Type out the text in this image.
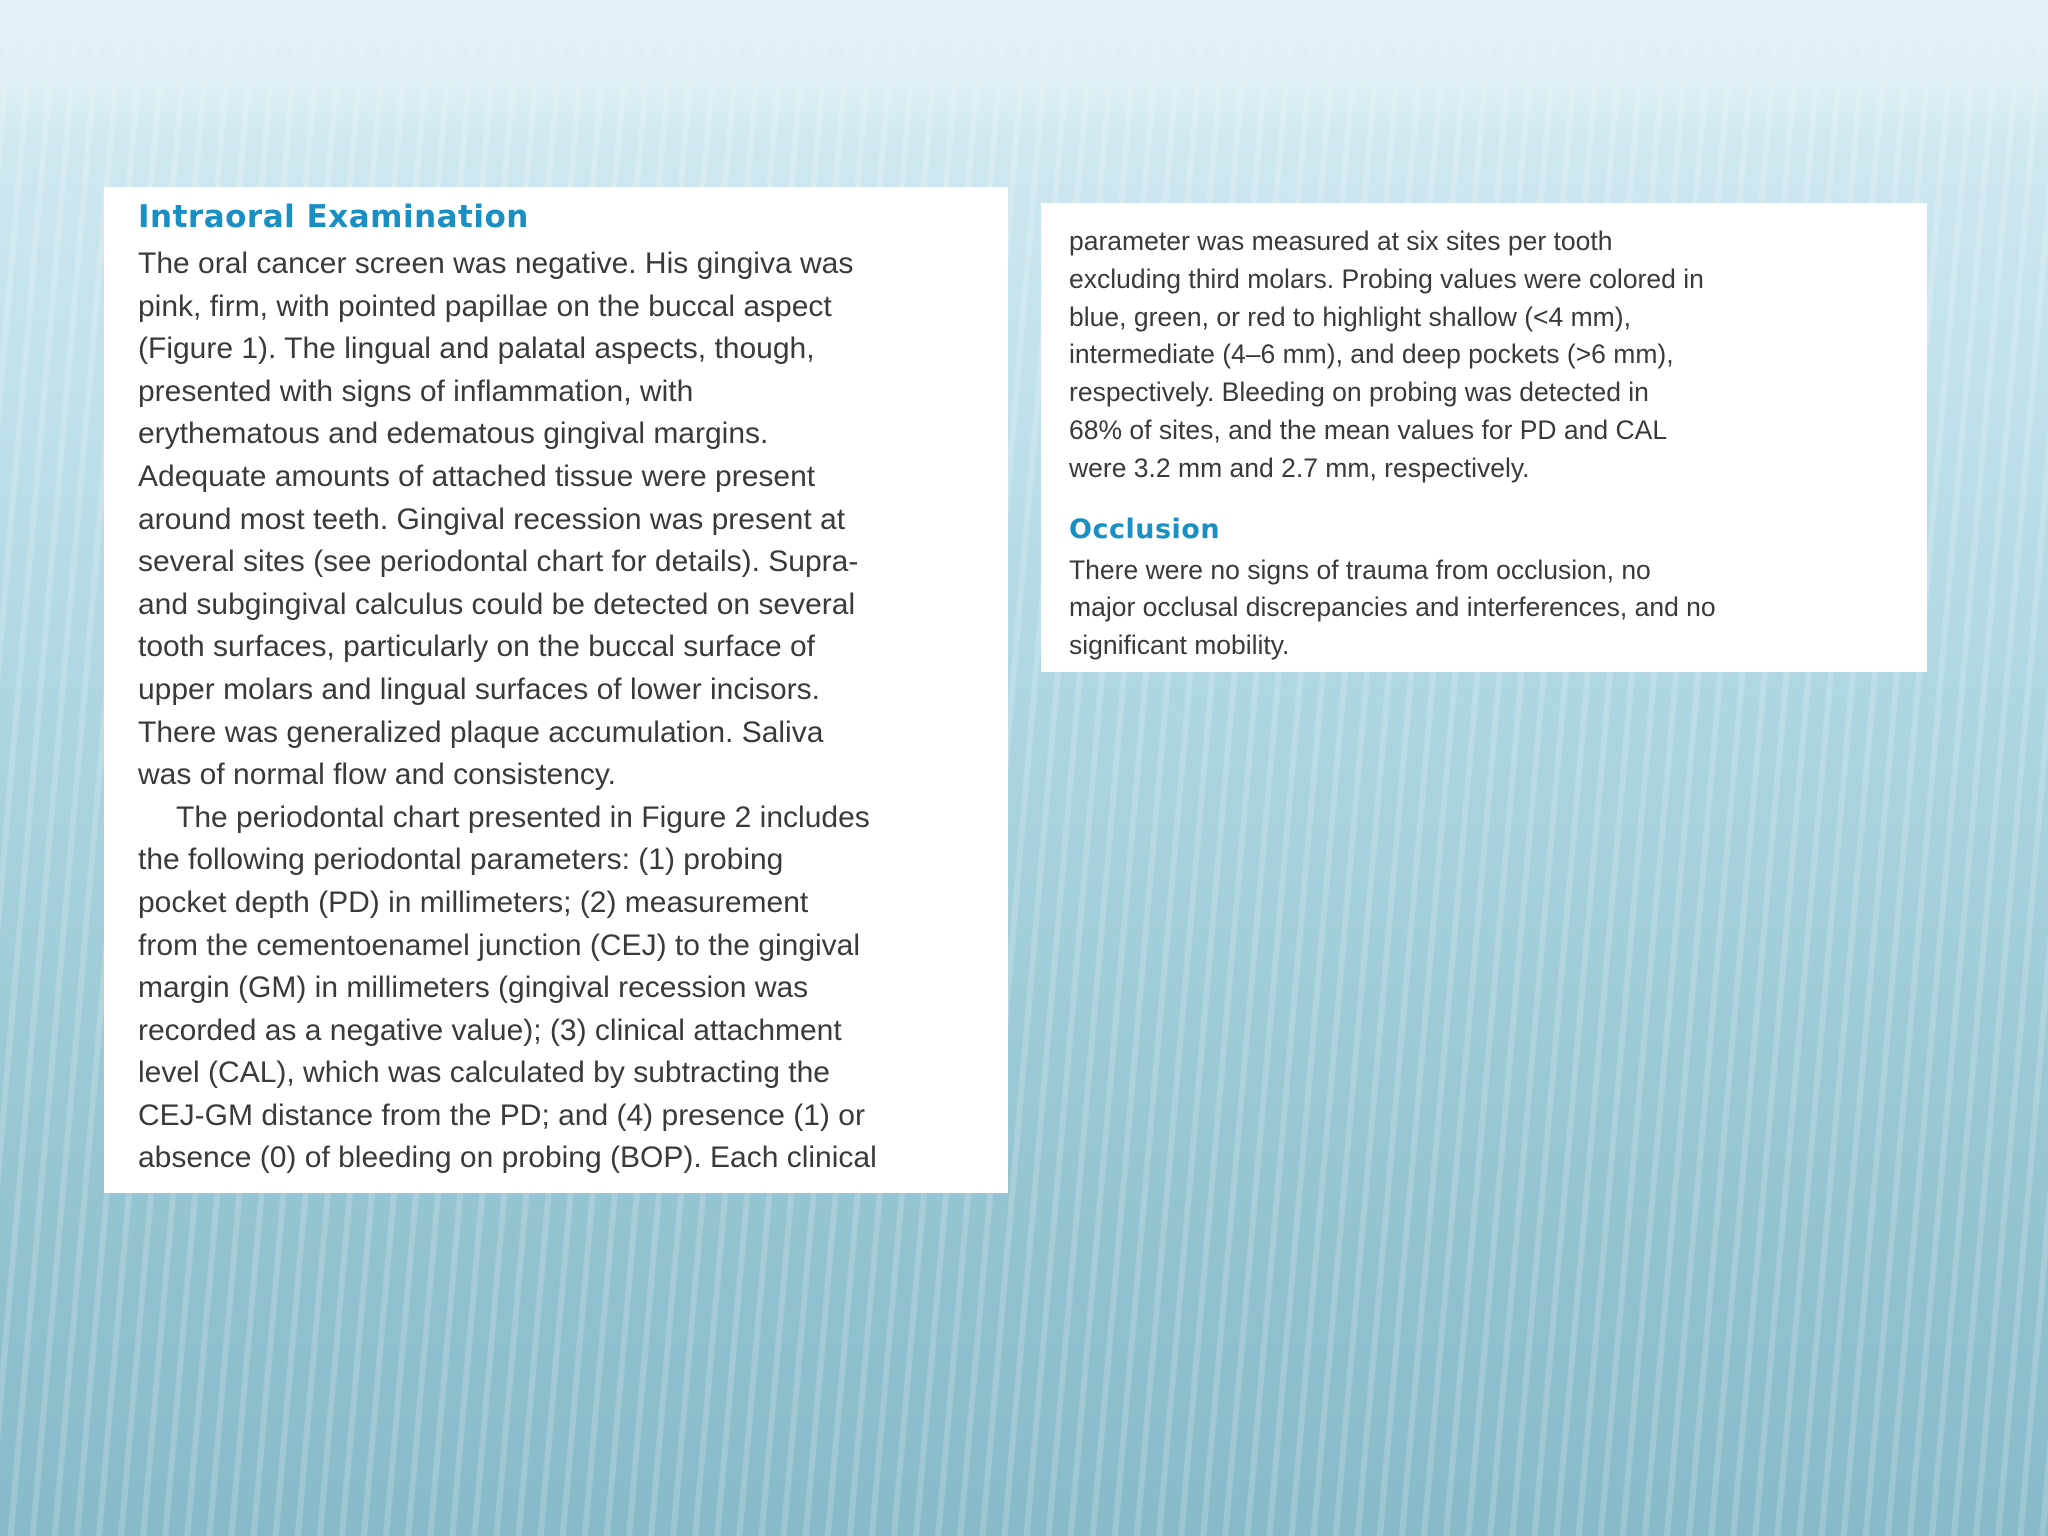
Intraoral Examination

The oral cancer screen was negative. His gingiva was
pink, firm, with pointed papillae on the buccal aspect
(Figure 1). The lingual and palatal aspects, though,
presented with signs of inflammation, with
erythematous and edematous gingival margins.
Adequate amounts of attached tissue were present
around most teeth. Gingival recession was present at
several sites (see periodontal chart for details). Supra-
and subgingival calculus could be detected on several
tooth surfaces, particularly on the buccal surface of
upper molars and lingual surfaces of lower incisors.
There was generalized plaque accumulation. Saliva
was of normal flow and consistency.

The periodontal chart presented in Figure 2 includes
the following periodontal parameters: (1) probing
pocket depth (PD) in millimeters; (2) measurement
from the cementoenamel junction (CEJ) to the gingival
margin (GM) in millimeters (gingival recession was
recorded as a negative value); (3) clinical attachment
level (CAL), which was calculated by subtracting the
CEJ-GM distance from the PD; and (4) presence (1) or
absence (0) of bleeding on probing (BOP). Each clinical

parameter was measured at six sites per tooth
excluding third molars. Probing values were colored in
blue, green, or red to highlight shallow (<4 mm),
intermediate (4–6 mm), and deep pockets (>6 mm),
respectively. Bleeding on probing was detected in
68% of sites, and the mean values for PD and CAL
were 3.2 mm and 2.7 mm, respectively.

Occlusion

There were no signs of trauma from occlusion, no
major occlusal discrepancies and interferences, and no
significant mobility.
